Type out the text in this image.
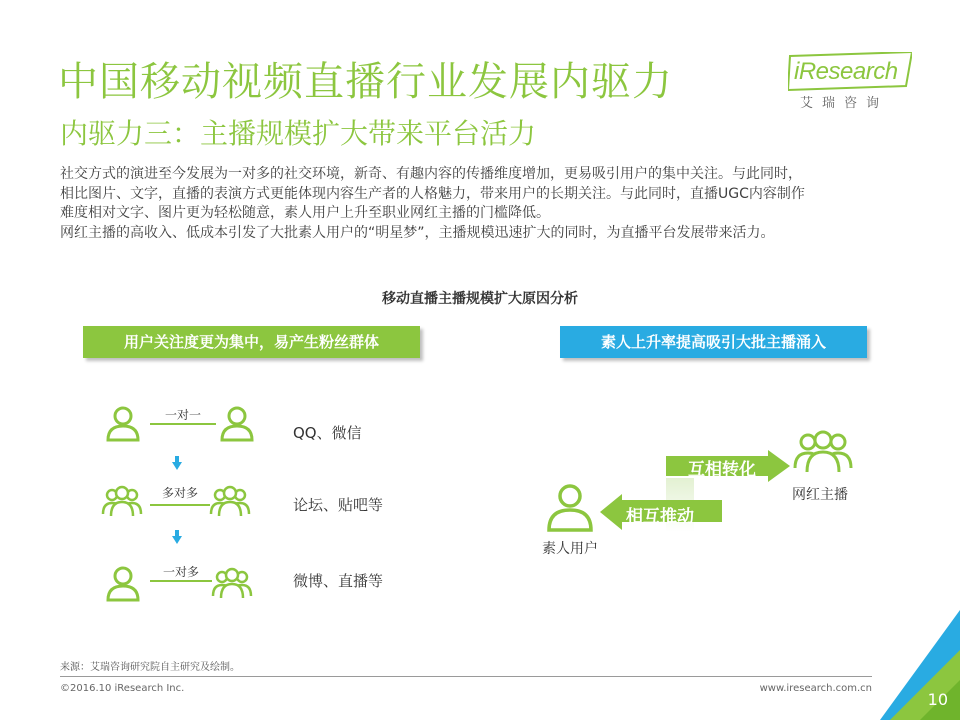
中国移动视频直播行业发展内驱力
内驱力三：主播规模扩大带来平台活力
iResearch
艾瑞咨询

社交方式的演进至今发展为一对多的社交环境，新奇、有趣内容的传播维度增加，更易吸引用户的集中关注。与此同时，

相比图片、文字，直播的表演方式更能体现内容生产者的人格魅力，带来用户的长期关注。与此同时，直播UGC内容制作

难度相对文字、图片更为轻松随意，素人用户上升至职业网红主播的门槛降低。

网红主播的高收入、低成本引发了大批素人用户的“明星梦”，主播规模迅速扩大的同时，为直播平台发展带来活力。

移动直播主播规模扩大原因分析
用户关注度更为集中，易产生粉丝群体	素人上升率提高吸引大批主播涌入
一对一
QQ、微信
多对多
论坛、贴吧等
一对多	微博、直播等
互相转化
相互推动
素人用户
网红主播
来源：艾瑞咨询研究院自主研究及绘制。
©2016.10 iResearch Inc.	www.iresearch.com.cn
10
